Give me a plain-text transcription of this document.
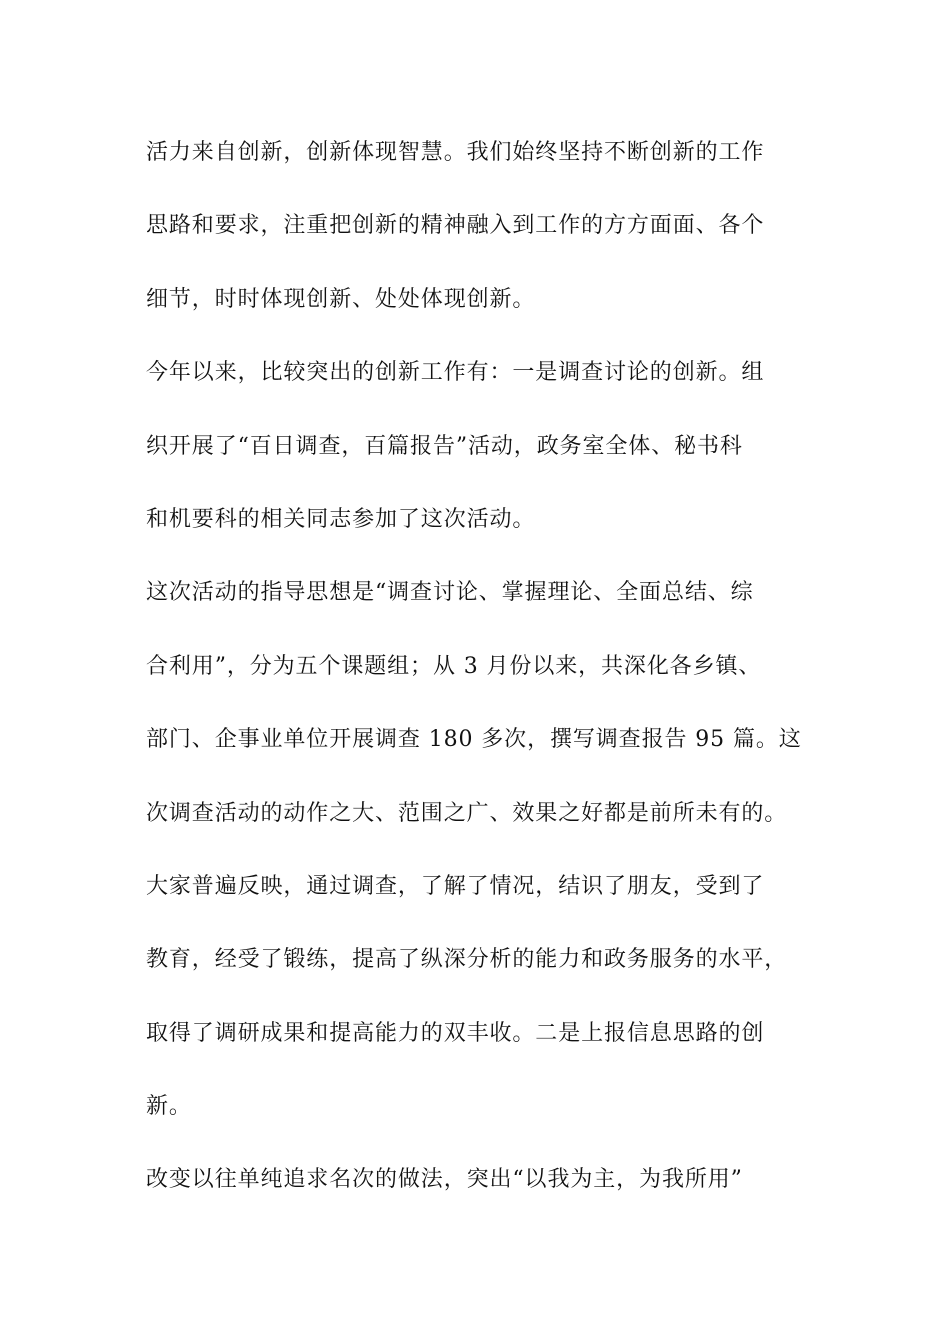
活力来自创新，创新体现智慧。我们始终坚持不断创新的工作
思路和要求，注重把创新的精神融入到工作的方方面面、各个
细节，时时体现创新、处处体现创新。
今年以来，比较突出的创新工作有：一是调查讨论的创新。组
织开展了“百日调查，百篇报告”活动，政务室全体、秘书科
和机要科的相关同志参加了这次活动。
这次活动的指导思想是“调查讨论、掌握理论、全面总结、综
合利用”，分为五个课题组；从 3 月份以来，共深化各乡镇、
部门、企事业单位开展调查 180 多次，撰写调查报告 95 篇。这
次调查活动的动作之大、范围之广、效果之好都是前所未有的。
大家普遍反映，通过调查，了解了情况，结识了朋友，受到了
教育，经受了锻练，提高了纵深分析的能力和政务服务的水平，
取得了调研成果和提高能力的双丰收。二是上报信息思路的创
新。
改变以往单纯追求名次的做法，突出“以我为主，为我所用”
